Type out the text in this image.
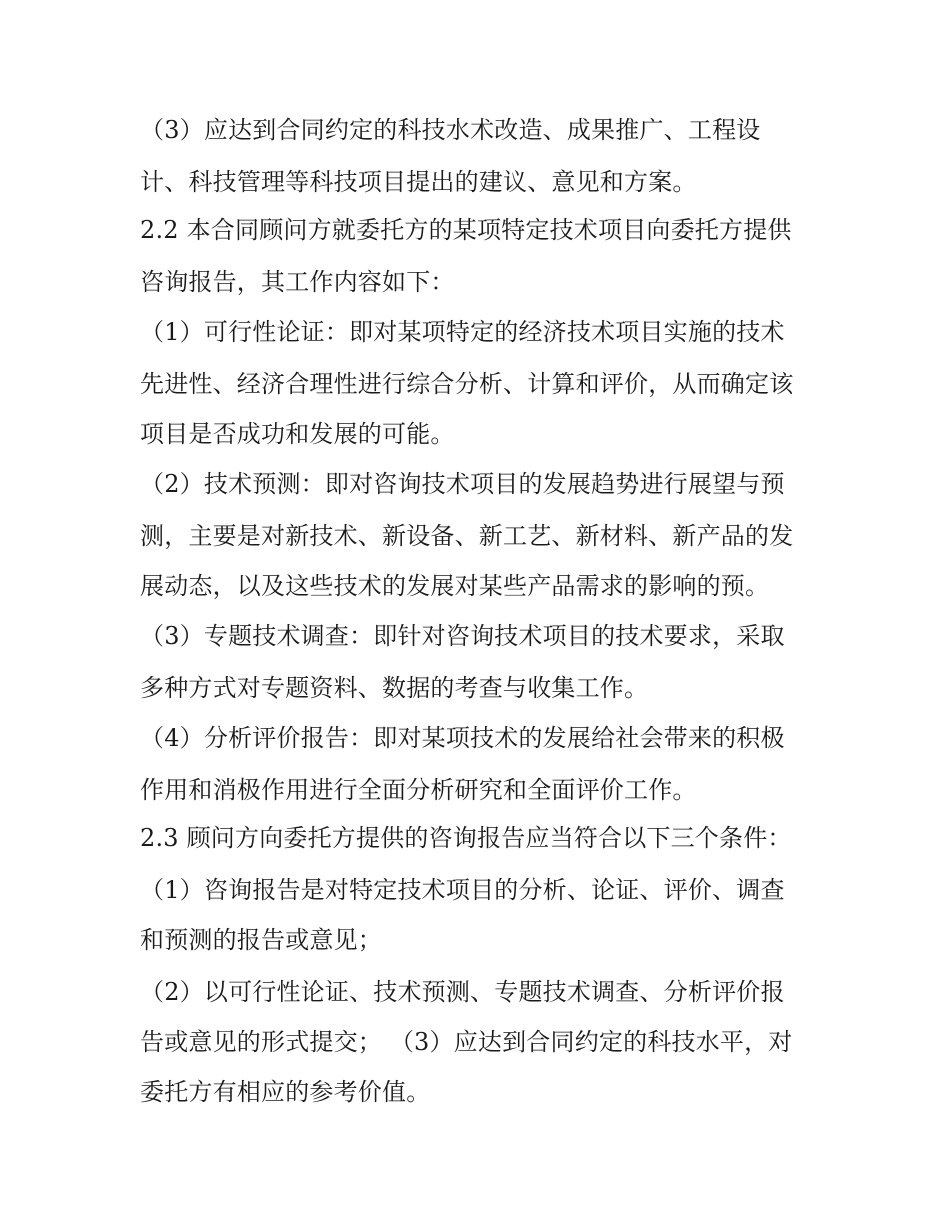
（3）应达到合同约定的科技水术改造、成果推广、工程设
计、科技管理等科技项目提出的建议、意见和方案。
2.2 本合同顾问方就委托方的某项特定技术项目向委托方提供
咨询报告，其工作内容如下：
（1）可行性论证：即对某项特定的经济技术项目实施的技术
先进性、经济合理性进行综合分析、计算和评价，从而确定该
项目是否成功和发展的可能。
（2）技术预测：即对咨询技术项目的发展趋势进行展望与预
测，主要是对新技术、新设备、新工艺、新材料、新产品的发
展动态，以及这些技术的发展对某些产品需求的影响的预。
（3）专题技术调查：即针对咨询技术项目的技术要求，采取
多种方式对专题资料、数据的考查与收集工作。
（4）分析评价报告：即对某项技术的发展给社会带来的积极
作用和消极作用进行全面分析研究和全面评价工作。
2.3 顾问方向委托方提供的咨询报告应当符合以下三个条件：
（1）咨询报告是对特定技术项目的分析、论证、评价、调查
和预测的报告或意见；
（2）以可行性论证、技术预测、专题技术调查、分析评价报
告或意见的形式提交； （3）应达到合同约定的科技水平，对
委托方有相应的参考价值。
